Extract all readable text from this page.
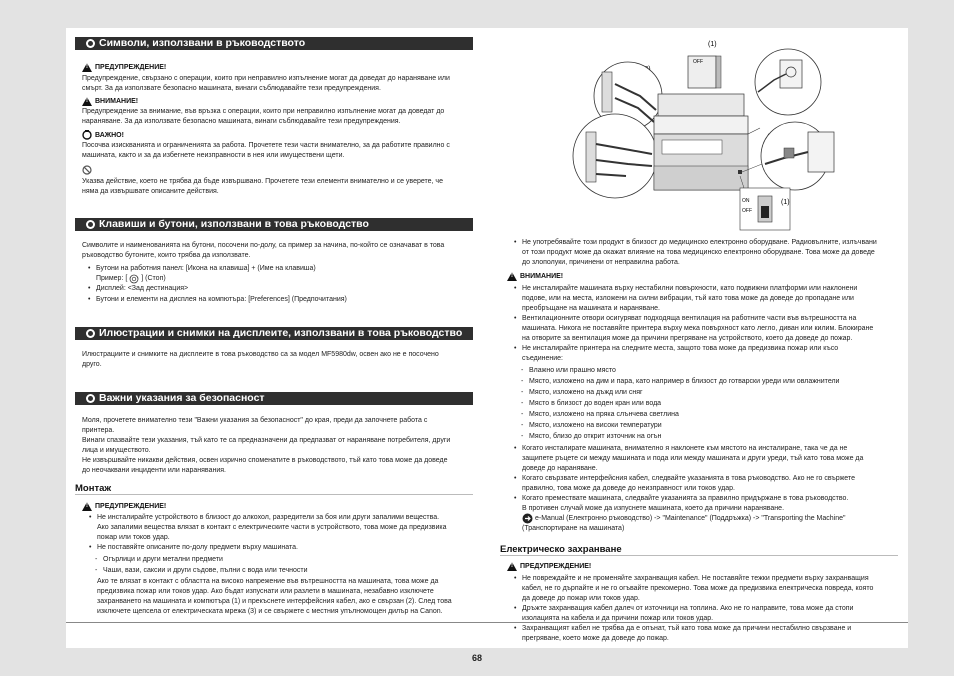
Символи, използвани в ръководството
!
ПРЕДУПРЕЖДЕНИЕ!
Предупреждение, свързано с операции, които при неправилно изпълнение могат да доведат до нараняване или
смърт. За да използвате безопасно машината, винаги съблюдавайте тези предупреждения.
!
ВНИМАНИЕ!
Предупреждение за внимание, във връзка с операции, които при неправилно изпълнение могат да доведат до
нараняване. За да използвате безопасно машината, винаги съблюдавайте тези предупреждения.
ВАЖНО!
Посочва изискванията и ограниченията за работа. Прочетете тези части внимателно, за да работите правилно с
машината, както и за да избегнете неизправности в нея или имуществени щети.
Указва действие, което не трябва да бъде извършвано. Прочетете тези елементи внимателно и се уверете, че
няма да извършвате описаните действия.
Клавиши и бутони, използвани в това ръководство
Символите и наименованията на бутони, посочени по-долу, са пример за начина, по-който се означават в това
ръководство бутоните, които трябва да използвате.
• Бутони на работния панел: [Икона на клавиша] + (Име на клавиша)
Пример: [ ] (Стоп)
• Дисплей: <Зад дестинация>
• Бутони и елементи на дисплея на компютъра: [Preferences] (Предпочитания)
Илюстрации и снимки на дисплеите, използвани в това ръководство
Илюстрациите и снимките на дисплеите в това ръководство са за модел MF5980dw, освен ако не е посочено
друго.
Важни указания за безопасност
Моля, прочетете внимателно тези "Важни указания за безопасност" до края, преди да започнете работа с
принтера.
Винаги спазвайте тези указания, тъй като те са предназначени да предпазват от нараняване потребителя, други
лица и имуществото.
Не извършвайте никакви действия, освен изрично споменатите в ръководството, тъй като това може да доведе
до неочаквани инциденти или наранявания.
Монтаж
!
ПРЕДУПРЕЖДЕНИЕ!
• Не инсталирайте устройството в близост до алкохол, разредители за боя или други запалими вещества.
Ако запалими вещества влязат в контакт с електрическите части в устройството, това може да предизвика
пожар или токов удар.
• Не поставяйте описаните по-долу предмети върху машината.
- Огърлици и други метални предмети
- Чаши, вази, саксии и други съдове, пълни с вода или течности
Ако те влязат в контакт с областта на високо напрежение във вътрешността на машината, това може да
предизвика пожар или токов удар. Ако бъдат изпуснати или разлети в машината, незабавно изключете
захранването на машината и компютъра (1) и прекъснете интерфейсния кабел, ако е свързан (2). След това
изключете щепсела от електрическата мрежа (3) и се свържете с местния упълномощен дилър на Canon.
(1)
OFF
ON
OFF
(1)
• Не употребявайте този продукт в близост до медицинско електронно оборудване. Радиовълните, излъчвани
от този продукт може да окажат влияние на това медицинско електронно оборудване. Това може да доведе
до злополуки, причинени от неправилна работа.
!
ВНИМАНИЕ!
• Не инсталирайте машината върху нестабилни повърхности, като подвижни платформи или наклонени
подове, или на места, изложени на силни вибрации, тъй като това може да доведе до пропадане или
преобръщане на машината и нараняване.
• Вентилационните отвори осигуряват подходяща вентилация на работните части във вътрешността на
машината. Никога не поставяйте принтера върху мека повърхност като легло, диван или килим. Блокиране
на отворите за вентилация може да причини прегряване на устройството, което да доведе до пожар.
• Не инсталирайте принтера на следните места, защото това може да предизвика пожар или късо
съединение:
- Влажно или прашно място
- Място, изложено на дим и пара, като например в близост до готварски уреди или овлажнители
- Място, изложено на дъжд или сняг
- Място в близост до воден кран или вода
- Място, изложено на пряка слънчева светлина
- Място, изложено на високи температури
- Място, близо до открит източник на огън
• Когато инсталирате машината, внимателно я наклонете към мястото на инсталиране, така че да не
защипете ръцете си между машината и пода или между машината и други уреди, тъй като това може да
доведе до нараняване.
• Когато свързвате интерфейсния кабел, следвайте указанията в това ръководство. Ако не го свържете
правилно, това може да доведе до неизправност или токов удар.
• Когато премествате машината, следвайте указанията за правилно придържане в това ръководство.
В противен случай може да изпуснете машината, което да причини нараняване.
e-Manual (Електронно ръководство) -> "Maintenance" (Поддръжка) -> "Transporting the Machine"
(Транспортиране на машината)
Електрическо захранване
!
ПРЕДУПРЕЖДЕНИЕ!
• Не повреждайте и не променяйте захранващия кабел. Не поставяйте тежки предмети върху захранващия
кабел, не го дърпайте и не го огъвайте прекомерно. Това може да предизвика електрическа повреда, която
да доведе до пожар или токов удар.
• Дръжте захранващия кабел далеч от източници на топлина. Ако не го направите, това може да стопи
изолацията на кабела и да причини пожар или токов удар.
• Захранващият кабел не трябва да е опънат, тъй като това може да причини нестабилно свързване и
прегряване, което може да доведе до пожар.
68
